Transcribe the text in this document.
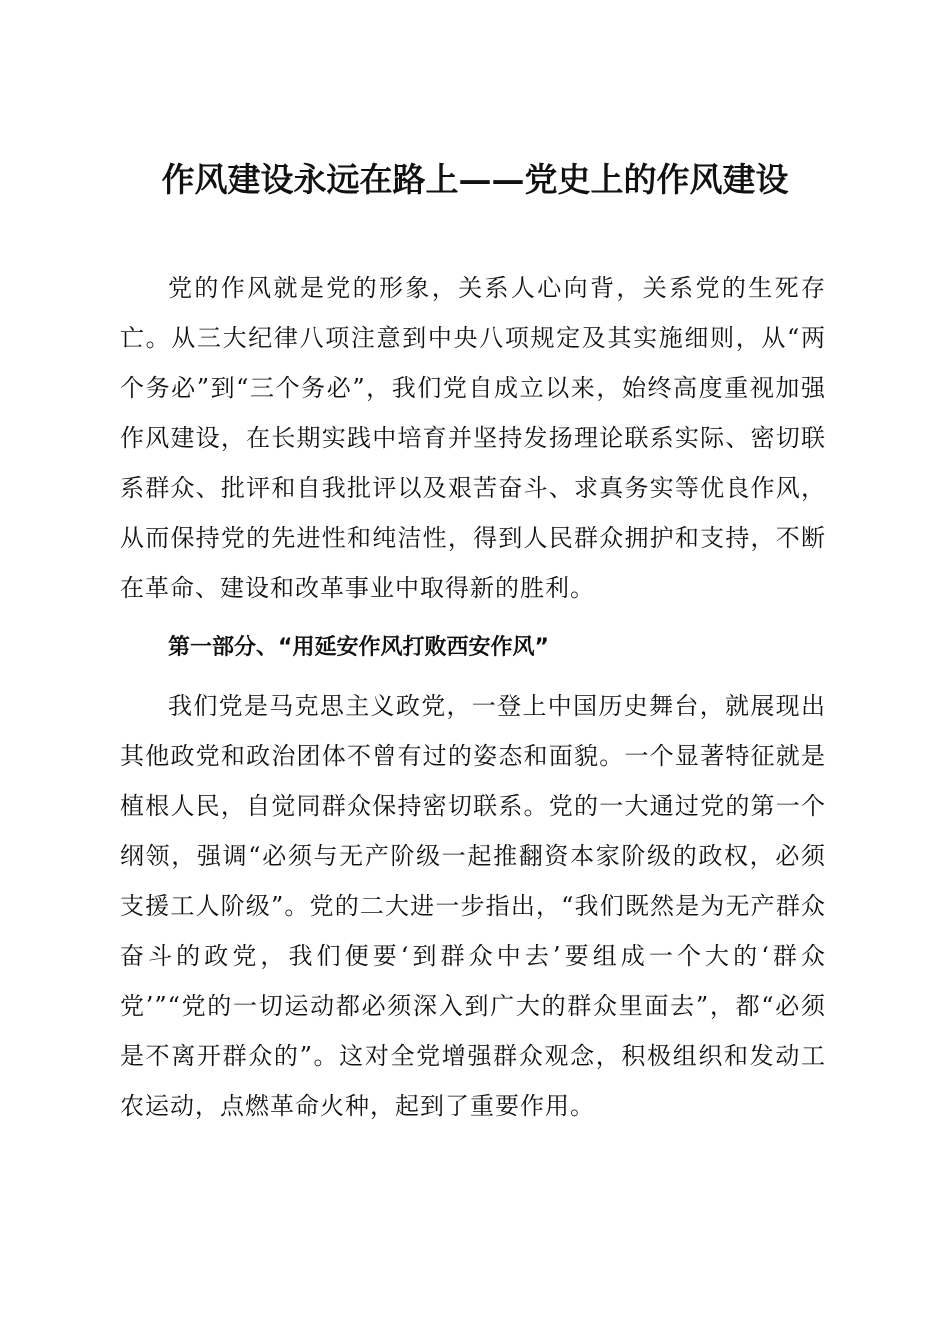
作风建设永远在路上——党史上的作风建设

党的作风就是党的形象，关系人心向背，关系党的生死存亡。从三大纪律八项注意到中央八项规定及其实施细则，从“两个务必”到“三个务必”，我们党自成立以来，始终高度重视加强作风建设，在长期实践中培育并坚持发扬理论联系实际、密切联系群众、批评和自我批评以及艰苦奋斗、求真务实等优良作风，从而保持党的先进性和纯洁性，得到人民群众拥护和支持，不断在革命、建设和改革事业中取得新的胜利。

第一部分、“用延安作风打败西安作风”

我们党是马克思主义政党，一登上中国历史舞台，就展现出其他政党和政治团体不曾有过的姿态和面貌。一个显著特征就是植根人民，自觉同群众保持密切联系。党的一大通过党的第一个纲领，强调“必须与无产阶级一起推翻资本家阶级的政权，必须支援工人阶级”。党的二大进一步指出，“我们既然是为无产群众奋斗的政党，我们便要‘到群众中去’要组成一个大的‘群众党’”“党的一切运动都必须深入到广大的群众里面去”，都“必须是不离开群众的”。这对全党增强群众观念，积极组织和发动工农运动，点燃革命火种，起到了重要作用。
